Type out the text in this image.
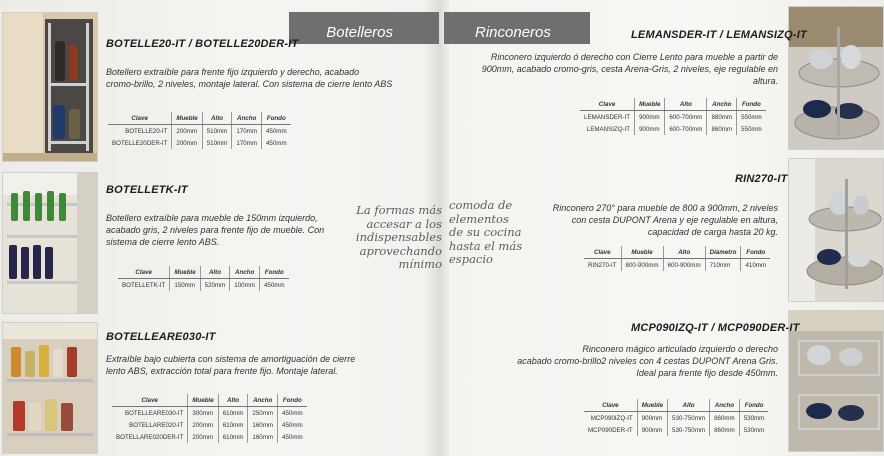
Botelleros	Rinconeros
BOTELLE20-IT / BOTELLE20DER-IT
Botellero extraíble para frente fijo izquierdo y derecho, acabado
cromo-brillo, 2 niveles, montaje lateral. Con sistema de cierre lento ABS
Clave	Mueble	Alto	Ancho	Fondo
BOTELLE20-IT	200mm	510mm	170mm	450mm
BOTELLE20DER-IT	200mm	510mm	170mm	450mm
BOTELLETK-IT
Botellero extraíble para mueble de 150mm izquierdo,
acabado gris, 2 niveles para frente fijo de mueble. Con
sistema de cierre lento ABS.
Clave	Mueble	Alto	Ancho	Fondo
BOTELLETK-IT	150mm	520mm	100mm	450mm
BOTELLEARE030-IT
Extraíble bajo cubierta con sistema de amortiguación de cierre
lento ABS, extracción total para frente fijo. Montaje lateral.
Clave	Mueble	Alto	Ancho	Fondo
BOTELLEARE030-IT	300mm	610mm	250mm	450mm
BOTELLARE020-IT	200mm	610mm	160mm	450mm
BOTELLARE020DER-IT	200mm	610mm	160mm	450mm
La formas más
accesar a los
indispensables
aprovechando
mínimo
comoda de
elementos
de su cocina
hasta el más
espacio
LEMANSDER-IT / LEMANSIZQ-IT
Rinconero izquierdo ó derecho con Cierre Lento para mueble a partir de
900mm, acabado cromo-gris, cesta Arena-Gris, 2 niveles, eje regulable en
altura.
Clave	Mueble	Alto	Ancho	Fondo
LEMANSDER-IT	900mm	600-700mm	880mm	550mm
LEMANSIZQ-IT	900mm	600-700mm	860mm	550mm
RIN270-IT
Rinconero 270° para mueble de 800 a 900mm, 2 niveles
con cesta DUPONT Arena y eje regulable en altura,
capacidad de carga hasta 20 kg.
Clave	Mueble	Alto	Diámetro	Fondo
RIN270-IT	800-900mm	600-900mm	710mm	410mm
MCP090IZQ-IT / MCP090DER-IT
Rinconero mágico articulado izquierdo o derecho
acabado cromo-brillo2 niveles con 4 cestas DUPONT Arena Gris.
Ideal para frente fijo desde 450mm.
Clave	Mueble	Alto	Ancho	Fondo
MCP090IZQ-IT	900mm	530-750mm	860mm	530mm
MCP090DER-IT	900mm	530-750mm	860mm	530mm
